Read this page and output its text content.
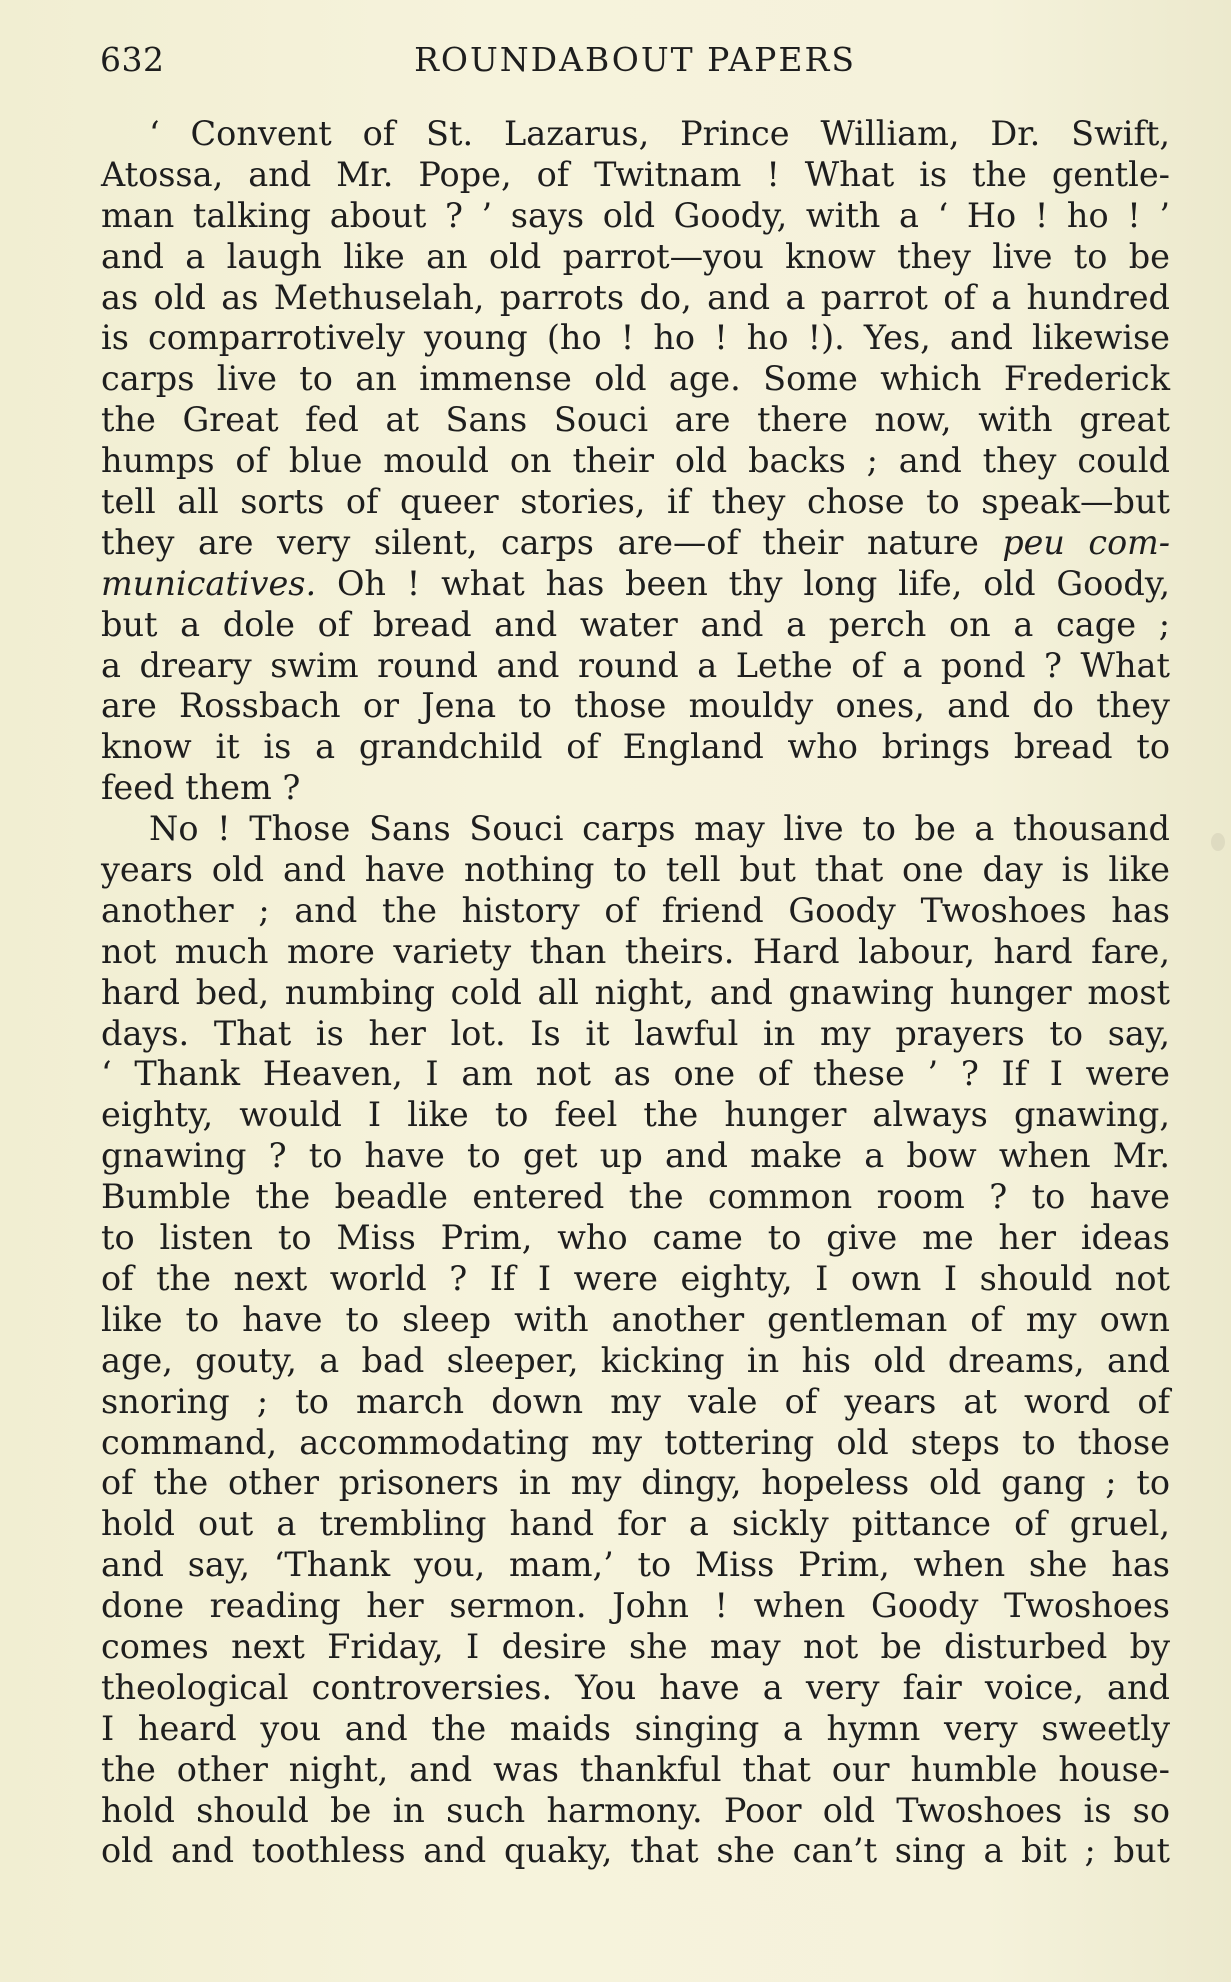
632	ROUNDABOUT PAPERS
‘ Convent of St. Lazarus, Prince William, Dr. Swift,
Atossa, and Mr. Pope, of Twitnam ! What is the gentle-
man talking about ? ’ says old Goody, with a ‘ Ho ! ho ! ’
and a laugh like an old parrot—you know they live to be
as old as Methuselah, parrots do, and a parrot of a hundred
is comparrotively young (ho ! ho ! ho !). Yes, and likewise
carps live to an immense old age. Some which Frederick
the Great fed at Sans Souci are there now, with great
humps of blue mould on their old backs ; and they could
tell all sorts of queer stories, if they chose to speak—but
they are very silent, carps are—of their nature peu com-
municatives. Oh ! what has been thy long life, old Goody,
but a dole of bread and water and a perch on a cage ;
a dreary swim round and round a Lethe of a pond ? What
are Rossbach or Jena to those mouldy ones, and do they
know it is a grandchild of England who brings bread to
feed them ?
No ! Those Sans Souci carps may live to be a thousand
years old and have nothing to tell but that one day is like
another ; and the history of friend Goody Twoshoes has
not much more variety than theirs. Hard labour, hard fare,
hard bed, numbing cold all night, and gnawing hunger most
days. That is her lot. Is it lawful in my prayers to say,
‘ Thank Heaven, I am not as one of these ’ ? If I were
eighty, would I like to feel the hunger always gnawing,
gnawing ? to have to get up and make a bow when Mr.
Bumble the beadle entered the common room ? to have
to listen to Miss Prim, who came to give me her ideas
of the next world ? If I were eighty, I own I should not
like to have to sleep with another gentleman of my own
age, gouty, a bad sleeper, kicking in his old dreams, and
snoring ; to march down my vale of years at word of
command, accommodating my tottering old steps to those
of the other prisoners in my dingy, hopeless old gang ; to
hold out a trembling hand for a sickly pittance of gruel,
and say, ‘Thank you, mam,’ to Miss Prim, when she has
done reading her sermon. John ! when Goody Twoshoes
comes next Friday, I desire she may not be disturbed by
theological controversies. You have a very fair voice, and
I heard you and the maids singing a hymn very sweetly
the other night, and was thankful that our humble house-
hold should be in such harmony. Poor old Twoshoes is so
old and toothless and quaky, that she can’t sing a bit ; but
